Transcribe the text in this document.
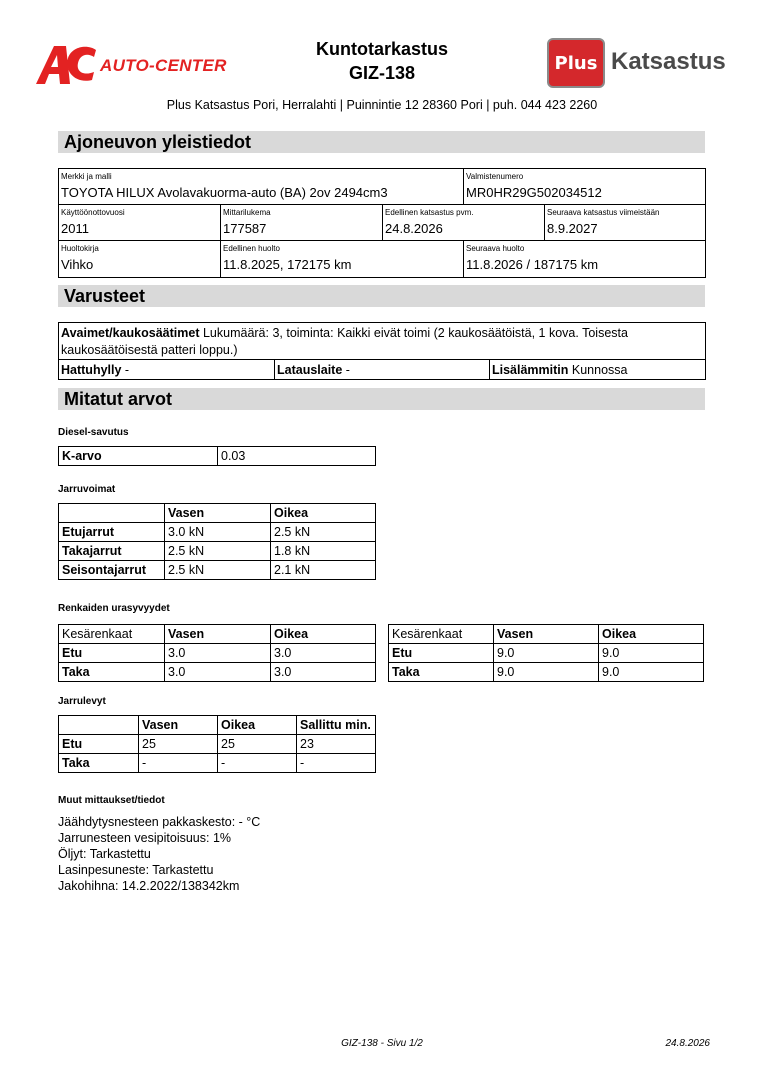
AUTO-CENTER
Kuntotarkastus
GIZ-138	Plus Katsastus
Plus Katsastus Pori, Herralahti | Puinnintie 12 28360 Pori | puh. 044 423 2260
Ajoneuvon yleistiedot
Merkki ja malli
TOYOTA HILUX Avolavakuorma-auto (BA) 2ov 2494cm3
Valmistenumero
MR0HR29G502034512
Käyttöönottovuosi
2011
Mittarilukema
177587
Edellinen katsastus pvm.
24.8.2026
Seuraava katsastus viimeistään
8.9.2027
Huoltokirja
Vihko
Edellinen huolto
11.8.2025, 172175 km
Seuraava huolto
11.8.2026 / 187175 km
Varusteet
Avaimet/kaukosäätimet Lukumäärä: 3, toiminta: Kaikki eivät toimi (2 kaukosäätöistä, 1 kova. Toisesta
kaukosäätöisestä patteri loppu.)
Hattuhylly -	Latauslaite -	Lisälämmitin Kunnossa
Mitatut arvot
Diesel-savutus
K-arvo	0.03
Jarruvoimat
	Vasen	Oikea
Etujarrut	3.0 kN	2.5 kN
Takajarrut	2.5 kN	1.8 kN
Seisontajarrut	2.5 kN	2.1 kN
Renkaiden urasyvyydet
Kesärenkaat	Vasen	Oikea
Etu	3.0	3.0
Taka	3.0	3.0
Kesärenkaat	Vasen	Oikea
Etu	9.0	9.0
Taka	9.0	9.0
Jarrulevyt
	Vasen	Oikea	Sallittu min.
Etu	25	25	23
Taka	-	-	-
Muut mittaukset/tiedot
Jäähdytysnesteen pakkaskesto: - °C
Jarrunesteen vesipitoisuus: 1%
Öljyt: Tarkastettu
Lasinpesuneste: Tarkastettu
Jakohihna: 14.2.2022/138342km
GIZ-138 - Sivu 1/2	24.8.2026
